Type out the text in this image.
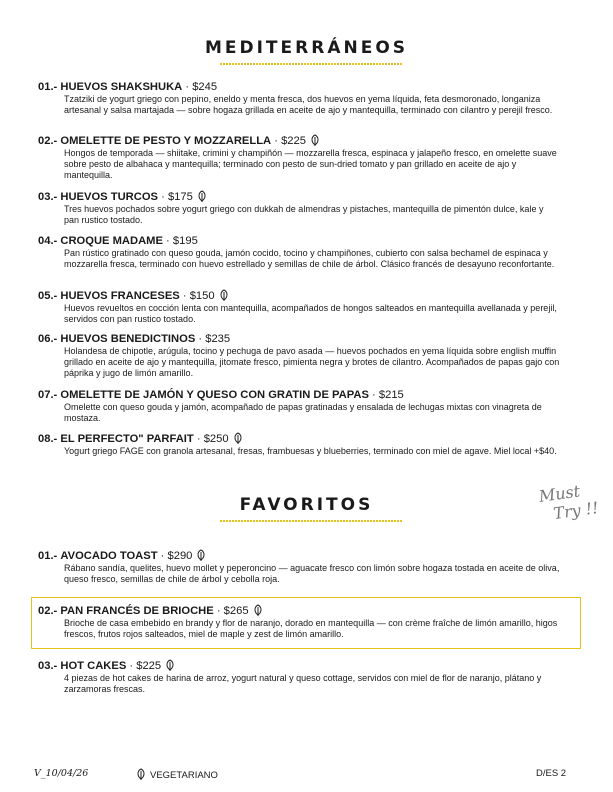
MEDITERRÁNEOS
01.- HUEVOS SHAKSHUKA · $245
Tzatziki de yogurt griego con pepino, eneldo y menta fresca, dos huevos en yema líquida, feta desmoronado, longaniza artesanal y salsa martajada — sobre hogaza grillada en aceite de ajo y mantequilla, terminado con cilantro y perejil fresco.
02.- OMELETTE DE PESTO Y MOZZARELLA · $225
Hongos de temporada — shiitake, crimini y champiñón — mozzarella fresca, espinaca y jalapeño fresco, en omelette suave sobre pesto de albahaca y mantequilla; terminado con pesto de sun-dried tomato y pan grillado en aceite de ajo y mantequilla.
03.- HUEVOS TURCOS · $175
Tres huevos pochados sobre yogurt griego con dukkah de almendras y pistaches, mantequilla de pimentón dulce, kale y pan rustico tostado.
04.- CROQUE MADAME · $195
Pan rústico gratinado con queso gouda, jamón cocido, tocino y champiñones, cubierto con salsa bechamel de espinaca y mozzarella fresca, terminado con huevo estrellado y semillas de chile de árbol. Clásico francés de desayuno reconfortante.
05.- HUEVOS FRANCESES · $150
Huevos revueltos en cocción lenta con mantequilla, acompañados de hongos salteados en mantequilla avellanada y perejil, servidos con pan rustico tostado.
06.- HUEVOS BENEDICTINOS · $235
Holandesa de chipotle, arúgula, tocino y pechuga de pavo asada — huevos pochados en yema líquida sobre english muffin grillado en aceite de ajo y mantequilla, jitomate fresco, pimienta negra y brotes de cilantro. Acompañados de papas gajo con páprika y jugo de limón amarillo.
07.- OMELETTE DE JAMÓN Y QUESO CON GRATIN DE PAPAS · $215
Omelette con queso gouda y jamón, acompañado de papas gratinadas y ensalada de lechugas mixtas con vinagreta de mostaza.
08.- EL PERFECTO" PARFAIT · $250
Yogurt griego FAGE con granola artesanal, fresas, frambuesas y blueberries, terminado con miel de agave. Miel local +$40.
FAVORITOS	Must
Try !!
01.- AVOCADO TOAST · $290
Rábano sandía, quelites, huevo mollet y peperoncino — aguacate fresco con limón sobre hogaza tostada en aceite de oliva, queso fresco, semillas de chile de árbol y cebolla roja.
02.- PAN FRANCÉS DE BRIOCHE · $265
Brioche de casa embebido en brandy y flor de naranjo, dorado en mantequilla — con crème fraîche de limón amarillo, higos frescos, frutos rojos salteados, miel de maple y zest de limón amarillo.
03.- HOT CAKES · $225
4 piezas de hot cakes de harina de arroz, yogurt natural y queso cottage, servidos con miel de flor de naranjo, plátano y zarzamoras frescas.
V_10/04/26	VEGETARIANO	D/ES 2
